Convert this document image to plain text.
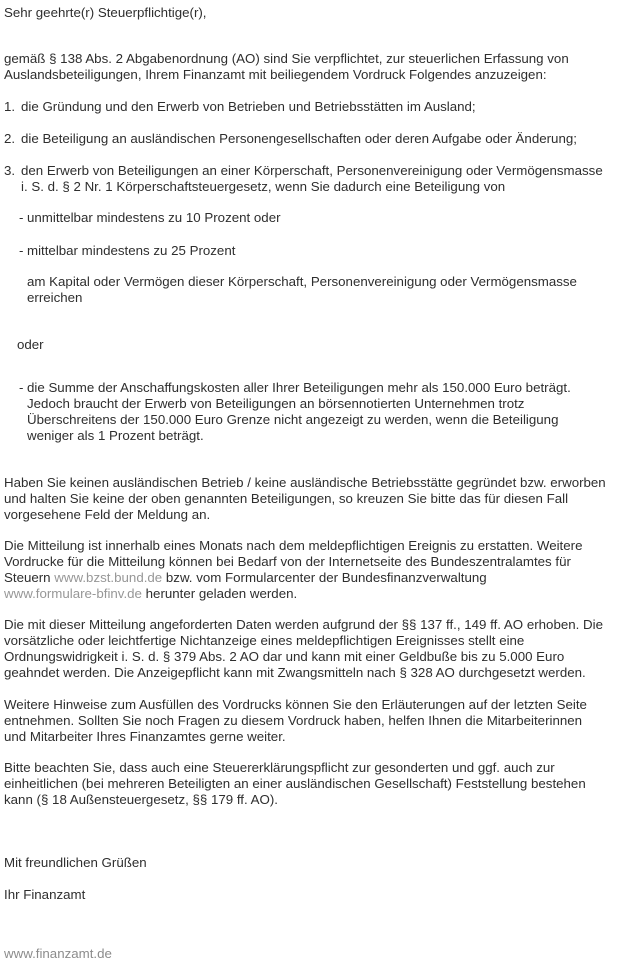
Sehr geehrte(r) Steuerpflichtige(r),
gemäß § 138 Abs. 2 Abgabenordnung (AO) sind Sie verpflichtet, zur steuerlichen Erfassung von
Auslandsbeteiligungen, Ihrem Finanzamt mit beiliegendem Vordruck Folgendes anzuzeigen:
1. die Gründung und den Erwerb von Betrieben und Betriebsstätten im Ausland;
2. die Beteiligung an ausländischen Personengesellschaften oder deren Aufgabe oder Änderung;
3. den Erwerb von Beteiligungen an einer Körperschaft, Personenvereinigung oder Vermögensmasse
i. S. d. § 2 Nr. 1 Körperschaftsteuergesetz, wenn Sie dadurch eine Beteiligung von
- unmittelbar mindestens zu 10 Prozent oder
- mittelbar mindestens zu 25 Prozent
am Kapital oder Vermögen dieser Körperschaft, Personenvereinigung oder Vermögensmasse
erreichen
oder
- die Summe der Anschaffungskosten aller Ihrer Beteiligungen mehr als 150.000 Euro beträgt.
Jedoch braucht der Erwerb von Beteiligungen an börsennotierten Unternehmen trotz
Überschreitens der 150.000 Euro Grenze nicht angezeigt zu werden, wenn die Beteiligung
weniger als 1 Prozent beträgt.
Haben Sie keinen ausländischen Betrieb / keine ausländische Betriebsstätte gegründet bzw. erworben
und halten Sie keine der oben genannten Beteiligungen, so kreuzen Sie bitte das für diesen Fall
vorgesehene Feld der Meldung an.
Die Mitteilung ist innerhalb eines Monats nach dem meldepflichtigen Ereignis zu erstatten. Weitere
Vordrucke für die Mitteilung können bei Bedarf von der Internetseite des Bundeszentralamtes für
Steuern www.bzst.bund.de bzw. vom Formularcenter der Bundesfinanzverwaltung
www.formulare-bfinv.de herunter geladen werden.
Die mit dieser Mitteilung angeforderten Daten werden aufgrund der §§ 137 ff., 149 ff. AO erhoben. Die
vorsätzliche oder leichtfertige Nichtanzeige eines meldepflichtigen Ereignisses stellt eine
Ordnungswidrigkeit i. S. d. § 379 Abs. 2 AO dar und kann mit einer Geldbuße bis zu 5.000 Euro
geahndet werden. Die Anzeigepflicht kann mit Zwangsmitteln nach § 328 AO durchgesetzt werden.
Weitere Hinweise zum Ausfüllen des Vordrucks können Sie den Erläuterungen auf der letzten Seite
entnehmen. Sollten Sie noch Fragen zu diesem Vordruck haben, helfen Ihnen die Mitarbeiterinnen
und Mitarbeiter Ihres Finanzamtes gerne weiter.
Bitte beachten Sie, dass auch eine Steuererklärungspflicht zur gesonderten und ggf. auch zur
einheitlichen (bei mehreren Beteiligten an einer ausländischen Gesellschaft) Feststellung bestehen
kann (§ 18 Außensteuergesetz, §§ 179 ff. AO).
Mit freundlichen Grüßen
Ihr Finanzamt
www.finanzamt.de
